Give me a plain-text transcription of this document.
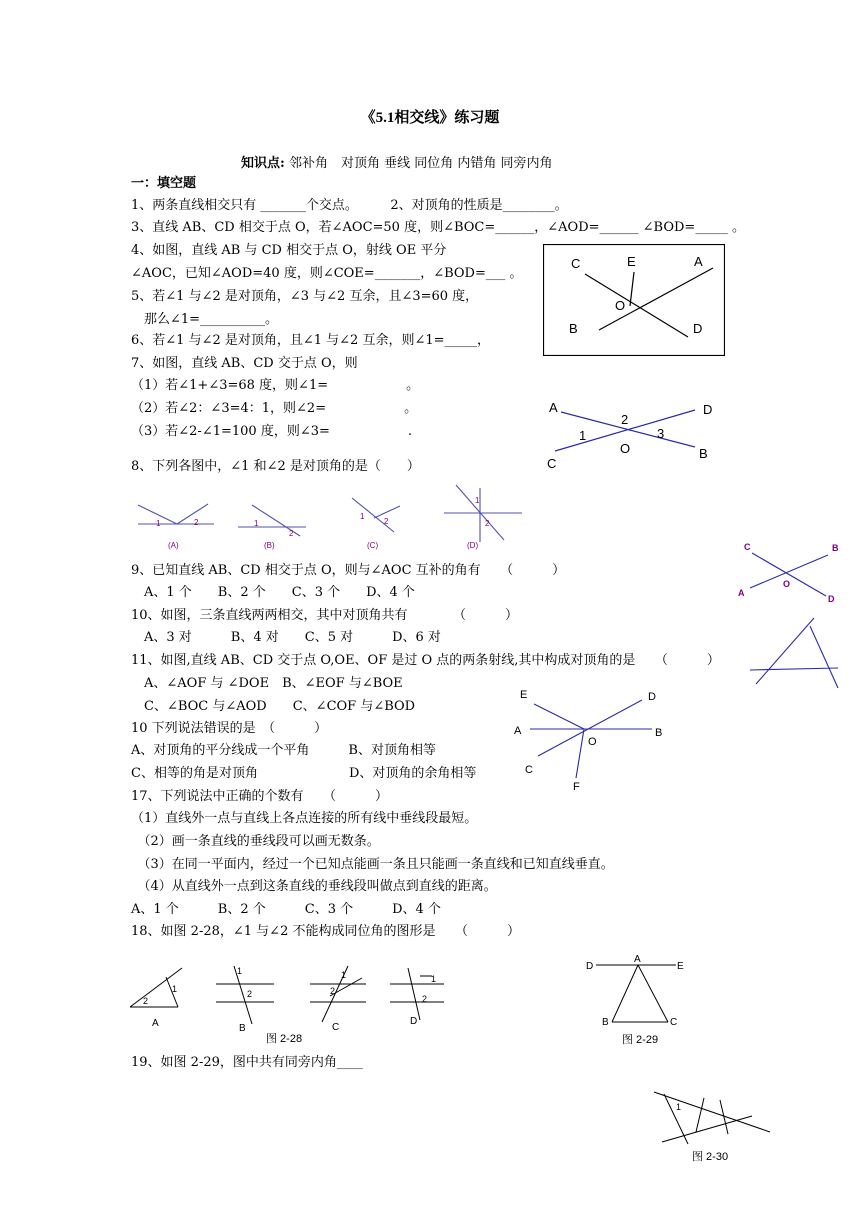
《5.1相交线》练习题
知识点: 邻补角　对顶角 垂线 同位角 内错角 同旁内角
一：填空题
1、两条直线相交只有 _______个交点。　　　2、对顶角的性质是________。
3、直线 AB、CD 相交于点 O，若∠AOC=50 度，则∠BOC=______，∠AOD=______ ∠BOD=_____ 。
4、如图，直线 AB 与 CD 相交于点 O，射线 OE 平分
∠AOC，已知∠AOD=40 度，则∠COE=_______，∠BOD=___ 。
5、若∠1 与∠2 是对顶角，∠3 与∠2 互余，且∠3=60 度，
　那么∠1=__________。
6、若∠1 与∠2 是对顶角，且∠1 与∠2 互余，则∠1=_____，
7、如图，直线 AB、CD 交于点 O，则
（1）若∠1+∠3=68 度，则∠1=　　　　　　。
（2）若∠2：∠3=4：1，则∠2=　　　　　　。
（3）若∠2-∠1=100 度，则∠3=　　　　　　.
8、下列各图中，∠1 和∠2 是对顶角的是（　　）
9、已知直线 AB、CD 相交于点 O，则与∠AOC 互补的角有　　（　　　）
　A、1 个　　B、2 个　　C、3 个　　D、4 个
10、如图，三条直线两两相交，其中对顶角共有　　　　（　　　）
　A、3 对　　　B、4 对　　C、5 对　　　D、6 对
11、如图,直线 AB、CD 交于点 O,OE、OF 是过 O 点的两条射线,其中构成对顶角的是　　（　　　）
　A、∠AOF 与 ∠DOE　B、∠EOF 与∠BOE
　C、∠BOC 与∠AOD　　C、∠COF 与∠BOD
10 下列说法错误的是　（　　　）
A、对顶角的平分线成一个平角　　　B、对顶角相等
C、相等的角是对顶角　　　　　　　D、对顶角的余角相等
17、下列说法中正确的个数有　　（　　　）
（1）直线外一点与直线上各点连接的所有线中垂线段最短。
　（2）画一条直线的垂线段可以画无数条。
　（3）在同一平面内，经过一个已知点能画一条且只能画一条直线和已知直线垂直。
　（4）从直线外一点到这条直线的垂线段叫做点到直线的距离。
A、1 个　　　B、2 个　　　C、3 个　　　D、4 个
18、如图 2-28，∠1 与∠2 不能构成同位角的图形是　　（　　　）
19、如图 2-29，图中共有同旁内角____
C	E	A
O
B	D
A	D
C
B
O
2
1	3
1	2
(A)
1
2
(B)
1
2
(C)
1
2
(D)	C	B
A
O
D
E	D
A
O
B
C
F
2
1
A
1
2
B
1
2
C
1
2
D
图 2-28
D
A
E
B	C
图 2-29
1
图 2-30
